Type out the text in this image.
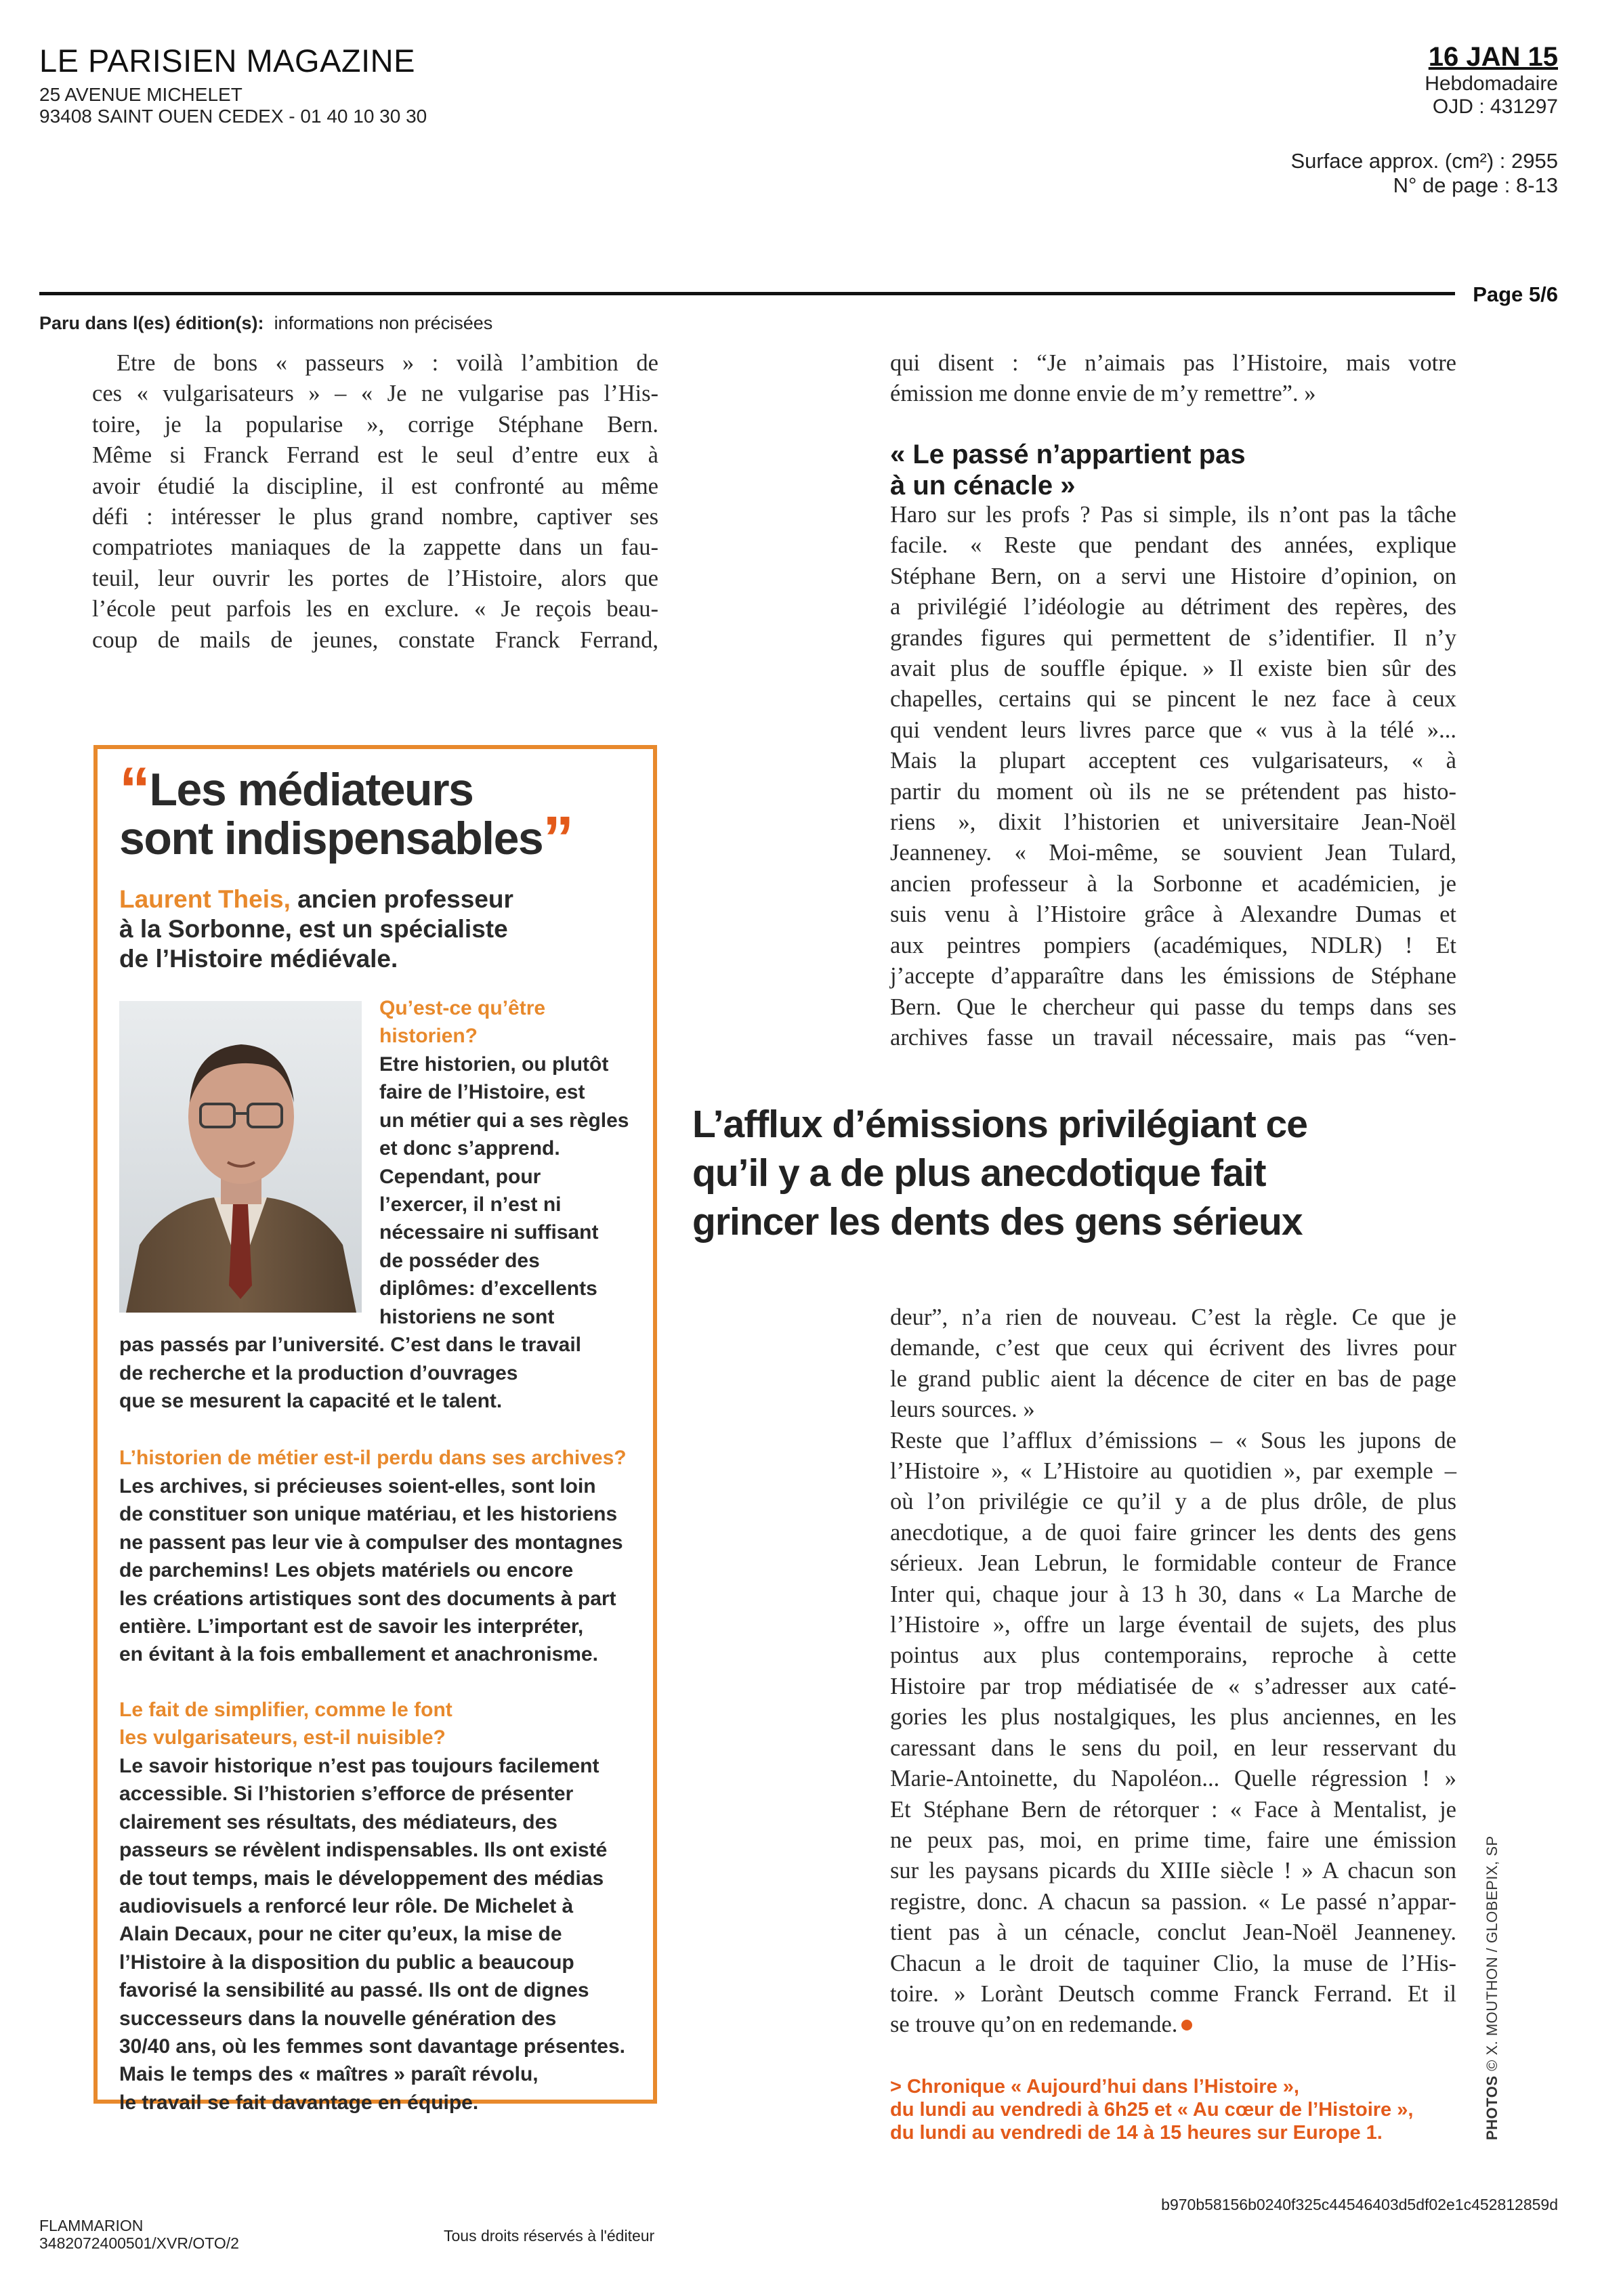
LE PARISIEN MAGAZINE
25 AVENUE MICHELET
93408 SAINT OUEN CEDEX - 01 40 10 30 30
16 JAN 15
Hebdomadaire
OJD : 431297
Surface approx. (cm²) : 2955
N° de page : 8-13
Page 5/6
Paru dans l(es) édition(s): informations non précisées
Etre de bons « passeurs » : voilà l’ambition de
ces « vulgarisateurs » – « Je ne vulgarise pas l’His-
toire, je la popularise », corrige Stéphane Bern.
Même si Franck Ferrand est le seul d’entre eux à
avoir étudié la discipline, il est confronté au même
défi : intéresser le plus grand nombre, captiver ses
compatriotes maniaques de la zappette dans un fau-
teuil, leur ouvrir les portes de l’Histoire, alors que
l’école peut parfois les en exclure. « Je reçois beau-
coup de mails de jeunes, constate Franck Ferrand,
qui disent : “Je n’aimais pas l’Histoire, mais votre
émission me donne envie de m’y remettre”. »
« Le passé n’appartient pas
à un cénacle »
Haro sur les profs ? Pas si simple, ils n’ont pas la tâche
facile. « Reste que pendant des années, explique
Stéphane Bern, on a servi une Histoire d’opinion, on
a privilégié l’idéologie au détriment des repères, des
grandes figures qui permettent de s’identifier. Il n’y
avait plus de souffle épique. » Il existe bien sûr des
chapelles, certains qui se pincent le nez face à ceux
qui vendent leurs livres parce que « vus à la télé »...
Mais la plupart acceptent ces vulgarisateurs, « à
partir du moment où ils ne se prétendent pas histo-
riens », dixit l’historien et universitaire Jean-Noël
Jeanneney. « Moi-même, se souvient Jean Tulard,
ancien professeur à la Sorbonne et académicien, je
suis venu à l’Histoire grâce à Alexandre Dumas et
aux peintres pompiers (académiques, NDLR) ! Et
j’accepte d’apparaître dans les émissions de Stéphane
Bern. Que le chercheur qui passe du temps dans ses
archives fasse un travail nécessaire, mais pas “ven-
L’afflux d’émissions privilégiant ce
qu’il y a de plus anecdotique fait
grincer les dents des gens sérieux
deur”, n’a rien de nouveau. C’est la règle. Ce que je
demande, c’est que ceux qui écrivent des livres pour
le grand public aient la décence de citer en bas de page
leurs sources. »
Reste que l’afflux d’émissions – « Sous les jupons de
l’Histoire », « L’Histoire au quotidien », par exemple –
où l’on privilégie ce qu’il y a de plus drôle, de plus
anecdotique, a de quoi faire grincer les dents des gens
sérieux. Jean Lebrun, le formidable conteur de France
Inter qui, chaque jour à 13 h 30, dans « La Marche de
l’Histoire », offre un large éventail de sujets, des plus
pointus aux plus contemporains, reproche à cette
Histoire par trop médiatisée de « s’adresser aux caté-
gories les plus nostalgiques, les plus anciennes, en les
caressant dans le sens du poil, en leur resservant du
Marie-Antoinette, du Napoléon... Quelle régression ! »
Et Stéphane Bern de rétorquer : « Face à Mentalist, je
ne peux pas, moi, en prime time, faire une émission
sur les paysans picards du XIIIe siècle ! » A chacun son
registre, donc. A chacun sa passion. « Le passé n’appar-
tient pas à un cénacle, conclut Jean-Noël Jeanneney.
Chacun a le droit de taquiner Clio, la muse de l’His-
toire. » Lorànt Deutsch comme Franck Ferrand. Et il
se trouve qu’on en redemande.
> Chronique « Aujourd’hui dans l’Histoire »,
du lundi au vendredi à 6h25 et « Au cœur de l’Histoire »,
du lundi au vendredi de 14 à 15 heures sur Europe 1.	PHOTOS © X. MOUTHON / GLOBEPIX, SP
“Les médiateurs
sont indispensables”
Laurent Theis, ancien professeur
à la Sorbonne, est un spécialiste
de l’Histoire médiévale.
Qu’est-ce qu’être
historien?
Etre historien, ou plutôt
faire de l’Histoire, est
un métier qui a ses règles
et donc s’apprend.
Cependant, pour
l’exercer, il n’est ni
nécessaire ni suffisant
de posséder des
diplômes: d’excellents
historiens ne sont
pas passés par l’université. C’est dans le travail
de recherche et la production d’ouvrages
que se mesurent la capacité et le talent.
L’historien de métier est-il perdu dans ses archives?
Les archives, si précieuses soient-elles, sont loin
de constituer son unique matériau, et les historiens
ne passent pas leur vie à compulser des montagnes
de parchemins! Les objets matériels ou encore
les créations artistiques sont des documents à part
entière. L’important est de savoir les interpréter,
en évitant à la fois emballement et anachronisme.
Le fait de simplifier, comme le font
les vulgarisateurs, est-il nuisible?
Le savoir historique n’est pas toujours facilement
accessible. Si l’historien s’efforce de présenter
clairement ses résultats, des médiateurs, des
passeurs se révèlent indispensables. Ils ont existé
de tout temps, mais le développement des médias
audiovisuels a renforcé leur rôle. De Michelet à
Alain Decaux, pour ne citer qu’eux, la mise de
l’Histoire à la disposition du public a beaucoup
favorisé la sensibilité au passé. Ils ont de dignes
successeurs dans la nouvelle génération des
30/40 ans, où les femmes sont davantage présentes.
Mais le temps des « maîtres » paraît révolu,
le travail se fait davantage en équipe.
FLAMMARION
3482072400501/XVR/OTO/2	Tous droits réservés à l'éditeur
b970b58156b0240f325c44546403d5df02e1c452812859d
